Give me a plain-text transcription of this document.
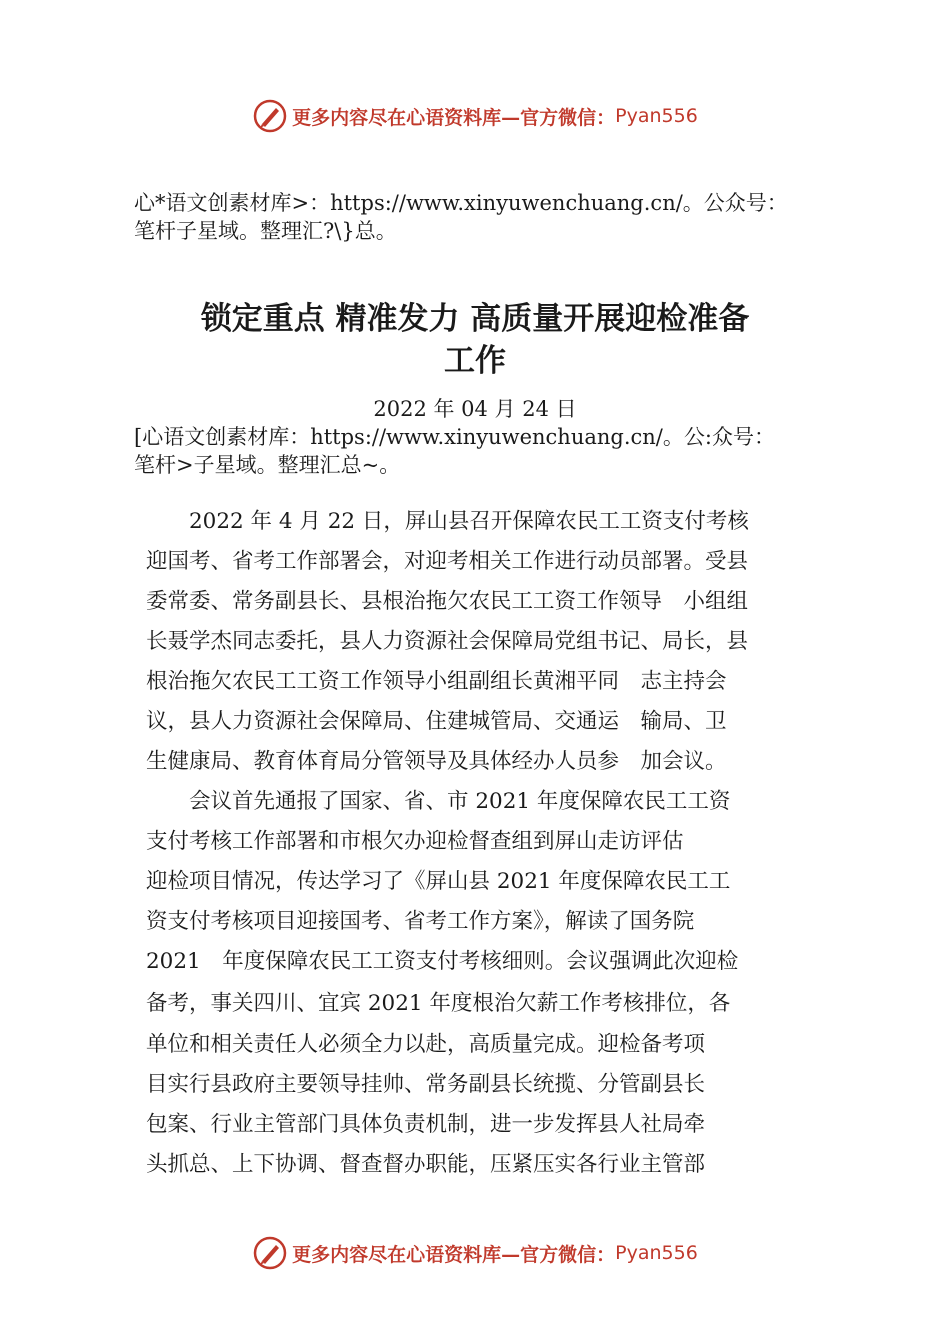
更多内容尽在心语资料库—官方微信： Pyan556
心*语文创素材库>：https://www.xinyuwenchuang.cn/。公众号：
笔杆子星域。整理汇?\}总。
锁定重点 精准发力 高质量开展迎检准备
工作
2022 年 04 月 24 日
[心语文创素材库：https://www.xinyuwenchuang.cn/。公:众号：
笔杆>子星域。整理汇总~。
　　2022 年 4 月 22 日，屏山县召开保障农民工工资支付考核
迎国考、省考工作部署会，对迎考相关工作进行动员部署。受县
委常委、常务副县长、县根治拖欠农民工工资工作领导　小组组
长聂学杰同志委托，县人力资源社会保障局党组书记、局长，县
根治拖欠农民工工资工作领导小组副组长黄湘平同　志主持会
议，县人力资源社会保障局、住建城管局、交通运　输局、卫
生健康局、教育体育局分管领导及具体经办人员参　加会议。
　　会议首先通报了国家、省、市 2021 年度保障农民工工资
支付考核工作部署和市根欠办迎检督查组到屏山走访评估
迎检项目情况，传达学习了《屏山县 2021 年度保障农民工工
资支付考核项目迎接国考、省考工作方案》，解读了国务院
2021　年度保障农民工工资支付考核细则。会议强调此次迎检
备考，事关四川、宜宾 2021 年度根治欠薪工作考核排位，各
单位和相关责任人必须全力以赴，高质量完成。迎检备考项
目实行县政府主要领导挂帅、常务副县长统揽、分管副县长
包案、行业主管部门具体负责机制，进一步发挥县人社局牵
头抓总、上下协调、督查督办职能，压紧压实各行业主管部
更多内容尽在心语资料库—官方微信： Pyan556
